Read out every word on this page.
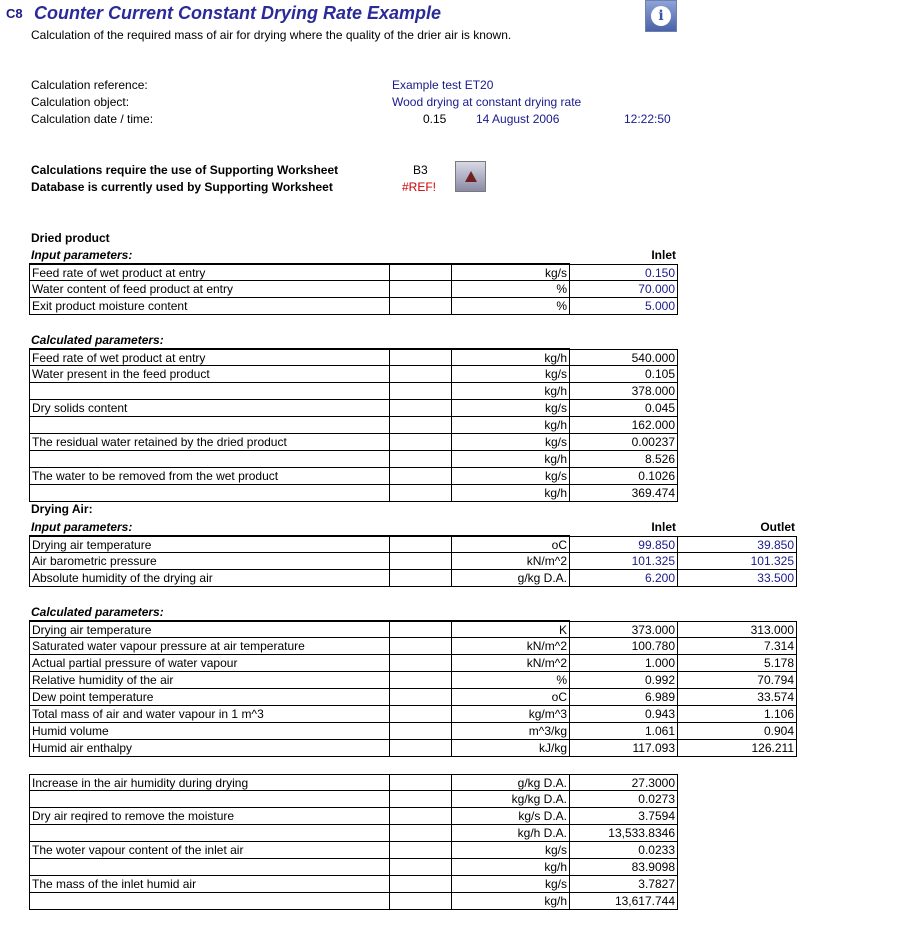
C8 Counter Current Constant Drying Rate Example
Calculation of the required mass of air for drying where the quality of the drier air is known.
i
Calculation reference:	Example test ET20
Calculation object:	Wood drying at constant drying rate
Calculation date / time:	0.15 14 August 2006	12:22:50
Calculations require the use of Supporting Worksheet	B3
Database is currently used by Supporting Worksheet	#REF!
Dried product
Input parameters:	Inlet
Feed rate of wet product at entry	kg/s	0.150
Water content of feed product at entry	%	70.000
Exit product moisture content	%	5.000
Calculated parameters:
Feed rate of wet product at entry	kg/h	540.000
Water present in the feed product	kg/s	0.105
kg/h	378.000
Dry solids content	kg/s	0.045
kg/h	162.000
The residual water retained by the dried product	kg/s	0.00237
kg/h	8.526
The water to be removed from the wet product	kg/s	0.1026
kg/h	369.474
Drying Air:
Input parameters:	Inlet	Outlet
Drying air temperature	oC	99.850	39.850
Air barometric pressure	kN/m^2	101.325	101.325
Absolute humidity of the drying air	g/kg D.A.	6.200	33.500
Calculated parameters:
Drying air temperature	K	373.000	313.000
Saturated water vapour pressure at air temperature	kN/m^2	100.780	7.314
Actual partial pressure of water vapour	kN/m^2	1.000	5.178
Relative humidity of the air	%	0.992	70.794
Dew point temperature	oC	6.989	33.574
Total mass of air and water vapour in 1 m^3	kg/m^3	0.943	1.106
Humid volume	m^3/kg	1.061	0.904
Humid air enthalpy	kJ/kg	117.093	126.211
Increase in the air humidity during drying	g/kg D.A.	27.3000
kg/kg D.A.	0.0273
Dry air reqired to remove the moisture	kg/s D.A.	3.7594
kg/h D.A.	13,533.8346
The woter vapour content of the inlet air	kg/s	0.0233
kg/h	83.9098
The mass of the inlet humid air	kg/s	3.7827
kg/h	13,617.744
